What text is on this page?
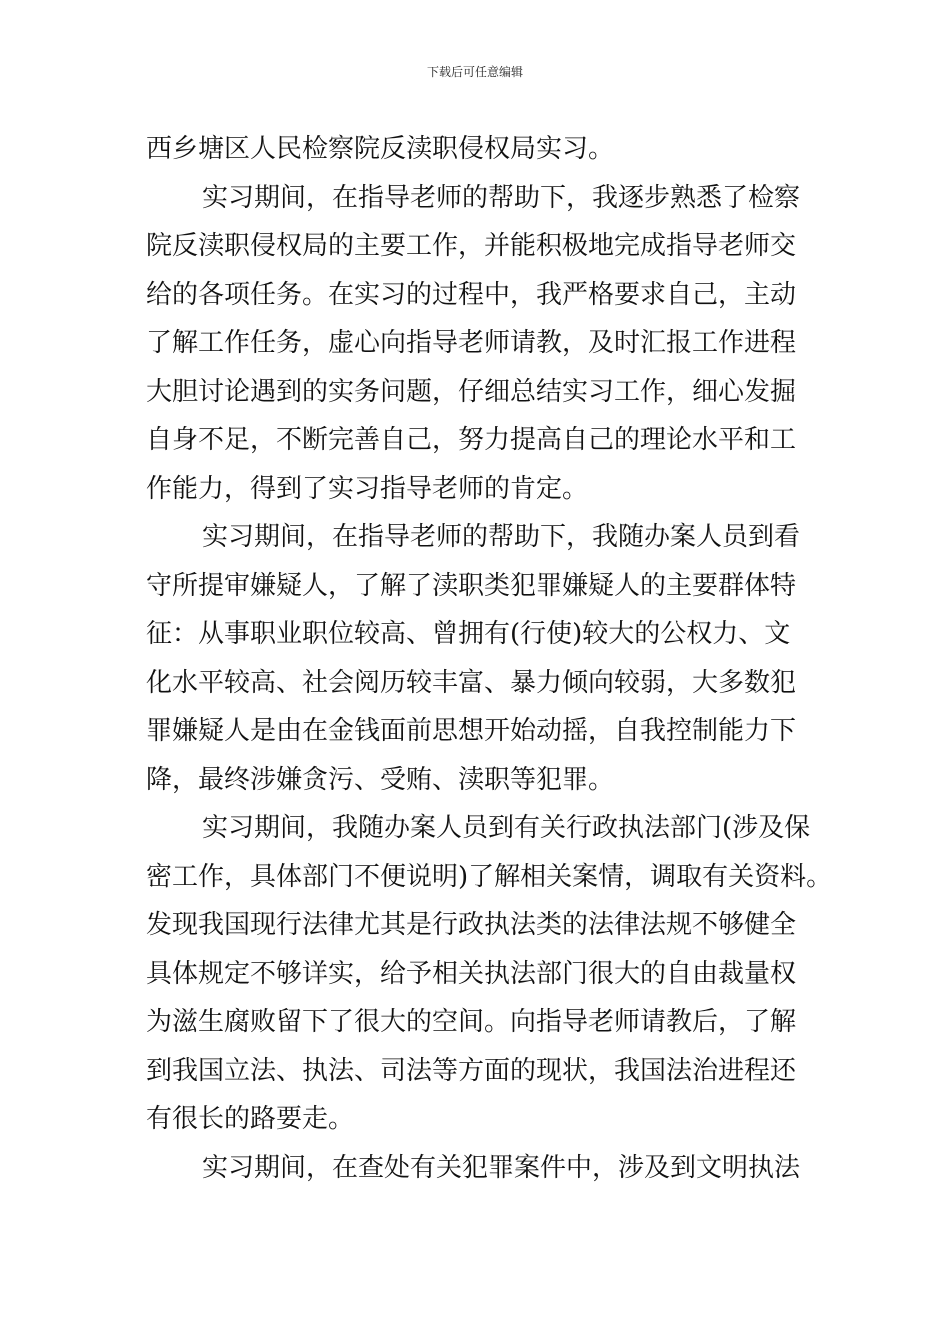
下载后可任意编辑
西乡塘区人民检察院反渎职侵权局实习。
实习期间，在指导老师的帮助下，我逐步熟悉了检察
院反渎职侵权局的主要工作，并能积极地完成指导老师交
给的各项任务。在实习的过程中，我严格要求自己，主动
了解工作任务，虚心向指导老师请教，及时汇报工作进程
大胆讨论遇到的实务问题，仔细总结实习工作，细心发掘
自身不足，不断完善自己，努力提高自己的理论水平和工
作能力，得到了实习指导老师的肯定。
实习期间，在指导老师的帮助下，我随办案人员到看
守所提审嫌疑人，了解了渎职类犯罪嫌疑人的主要群体特
征：从事职业职位较高、曾拥有(行使)较大的公权力、文
化水平较高、社会阅历较丰富、暴力倾向较弱，大多数犯
罪嫌疑人是由在金钱面前思想开始动摇，自我控制能力下
降，最终涉嫌贪污、受贿、渎职等犯罪。
实习期间，我随办案人员到有关行政执法部门(涉及保
密工作，具体部门不便说明)了解相关案情，调取有关资料。
发现我国现行法律尤其是行政执法类的法律法规不够健全
具体规定不够详实，给予相关执法部门很大的自由裁量权
为滋生腐败留下了很大的空间。向指导老师请教后，了解
到我国立法、执法、司法等方面的现状，我国法治进程还
有很长的路要走。
实习期间，在查处有关犯罪案件中，涉及到文明执法
